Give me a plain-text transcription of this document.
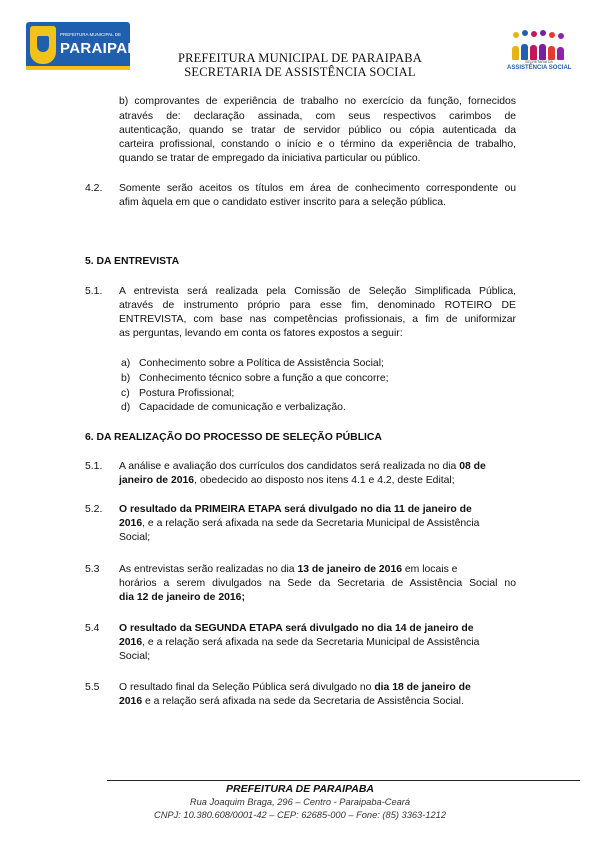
PREFEITURA MUNICIPAL DE
PARAIPABA
PREFEITURA MUNICIPAL DE PARAIPABA
SECRETARIA DE ASSISTÊNCIA SOCIAL
SECRETARIA DA
ASSISTÊNCIA SOCIAL
b) comprovantes de experiência de trabalho no exercício da função, fornecidos
através de: declaração assinada, com seus respectivos carimbos de
autenticação, quando se tratar de servidor público ou cópia autenticada da
carteira profissional, constando o início e o término da experiência de trabalho,
quando se tratar de empregado da iniciativa particular ou público.
4.2. Somente serão aceitos os títulos em área de conhecimento correspondente ou
afim àquela em que o candidato estiver inscrito para a seleção pública.
5. DA ENTREVISTA
5.1. A entrevista será realizada pela Comissão de Seleção Simplificada Pública,
através de instrumento próprio para esse fim, denominado ROTEIRO DE
ENTREVISTA, com base nas competências profissionais, a fim de uniformizar
as perguntas, levando em conta os fatores expostos a seguir:
a) Conhecimento sobre a Política de Assistência Social;
b) Conhecimento técnico sobre a função a que concorre;
c) Postura Profissional;
d) Capacidade de comunicação e verbalização.
6. DA REALIZAÇÃO DO PROCESSO DE SELEÇÃO PÚBLICA
5.1. A análise e avaliação dos currículos dos candidatos será realizada no dia 08 de
janeiro de 2016, obedecido ao disposto nos itens 4.1 e 4.2, deste Edital;
5.2. O resultado da PRIMEIRA ETAPA será divulgado no dia 11 de janeiro de
2016, e a relação será afixada na sede da Secretaria Municipal de Assistência
Social;
5.3 As entrevistas serão realizadas no dia 13 de janeiro de 2016 em locais e
horários a serem divulgados na Sede da Secretaria de Assistência Social no
dia 12 de janeiro de 2016;
5.4 O resultado da SEGUNDA ETAPA será divulgado no dia 14 de janeiro de
2016, e a relação será afixada na sede da Secretaria Municipal de Assistência
Social;
5.5 O resultado final da Seleção Pública será divulgado no dia 18 de janeiro de
2016 e a relação será afixada na sede da Secretaria de Assistência Social.
PREFEITURA DE PARAIPABA
Rua Joaquim Braga, 296 – Centro - Paraipaba-Ceará
CNPJ: 10.380.608/0001-42 – CEP: 62685-000 – Fone: (85) 3363-1212
